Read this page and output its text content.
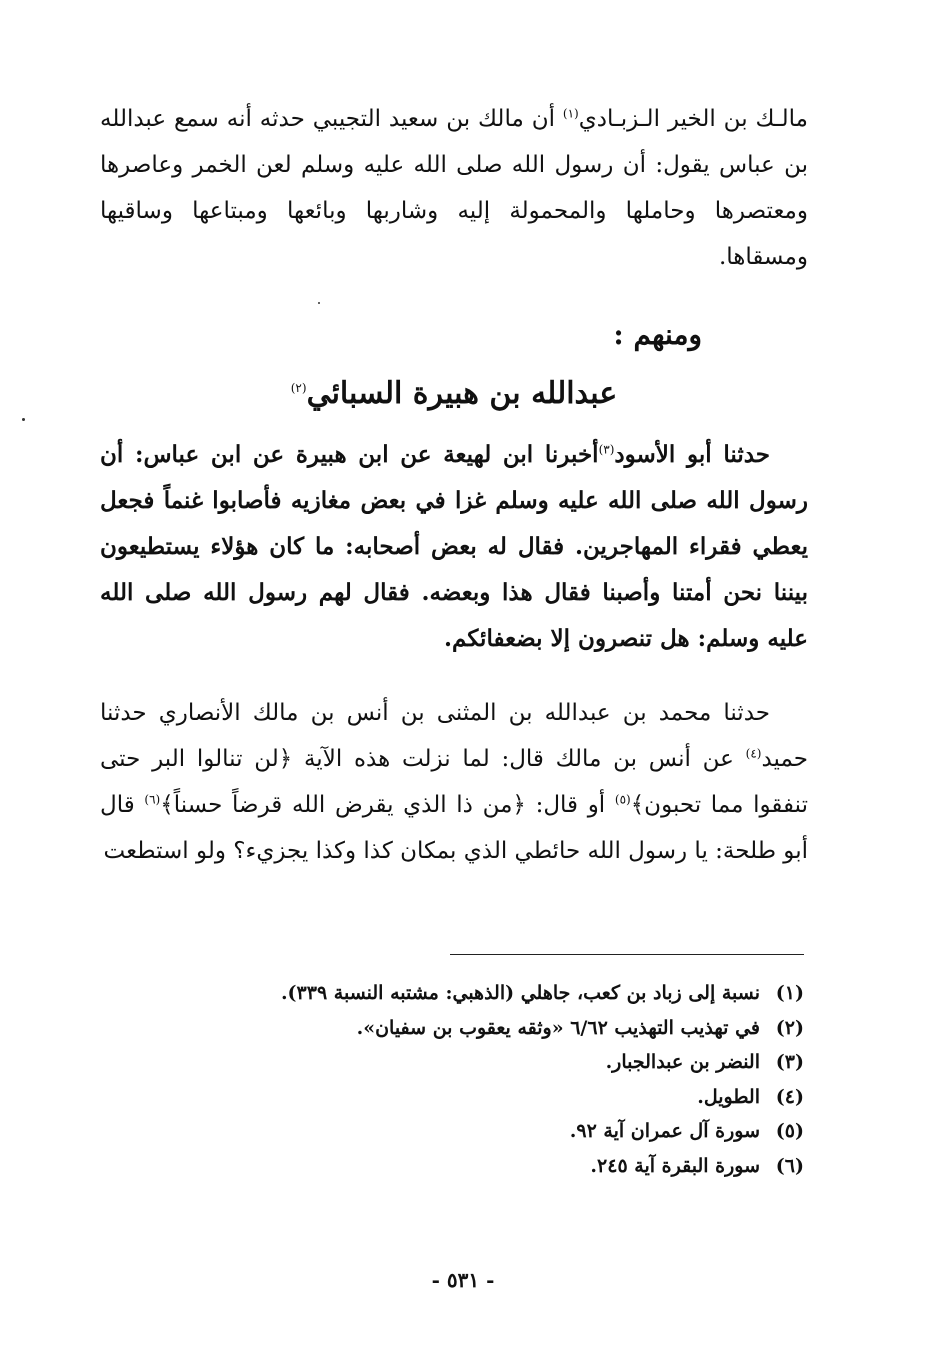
مالـك بن الخير الـزبـادي$^{(١)}$ أن مالك بن سعيد التجيبي حدثه أنه سمع عبدالله بن عباس يقول: أن رسول الله صلى الله عليه وسلم لعن الخمر وعاصرها ومعتصرها وحاملها والمحمولة إليه وشاربها وبائعها ومبتاعها وساقيها ومسقاها.

ومنهم :
عبدالله بن هبيرة السبائي$^{(٢)}$

حدثنا أبو الأسود$^{(٣)}$أخبرنا ابن لهيعة عن ابن هبيرة عن ابن عباس: أن رسول الله صلى الله عليه وسلم غزا في بعض مغازيه فأصابوا غنماً فجعل يعطي فقراء المهاجرين. فقال له بعض أصحابه: ما كان هؤلاء يستطيعون بيننا نحن أمتنا وأصبنا فقال هذا وبعضه. فقال لهم رسول الله صلى الله عليه وسلم: هل تنصرون إلا بضعفائكم.

حدثنا محمد بن عبدالله بن المثنى بن أنس بن مالك الأنصاري حدثنا حميد$^{(٤)}$ عن أنس بن مالك قال: لما نزلت هذه الآية ﴿لن تنالوا البر حتى تنفقوا مما تحبون﴾$^{(٥)}$ أو قال: ﴿من ذا الذي يقرض الله قرضاً حسناً﴾$^{(٦)}$ قال أبو طلحة: يا رسول الله حائطي الذي بمكان كذا وكذا يجزيء؟ ولو استطعت

(١)
نسبة إلى زباد بن كعب، جاهلي (الذهبي: مشتبه النسبة ٣٣٩).
(٢)
في تهذيب التهذيب ٦/٦٢ «وثقه يعقوب بن سفيان».
(٣)
النضر بن عبدالجبار.
(٤)
الطويل.
(٥)
سورة آل عمران آية ٩٢.
(٦)
سورة البقرة آية ٢٤٥.
- ٥٣١ -
